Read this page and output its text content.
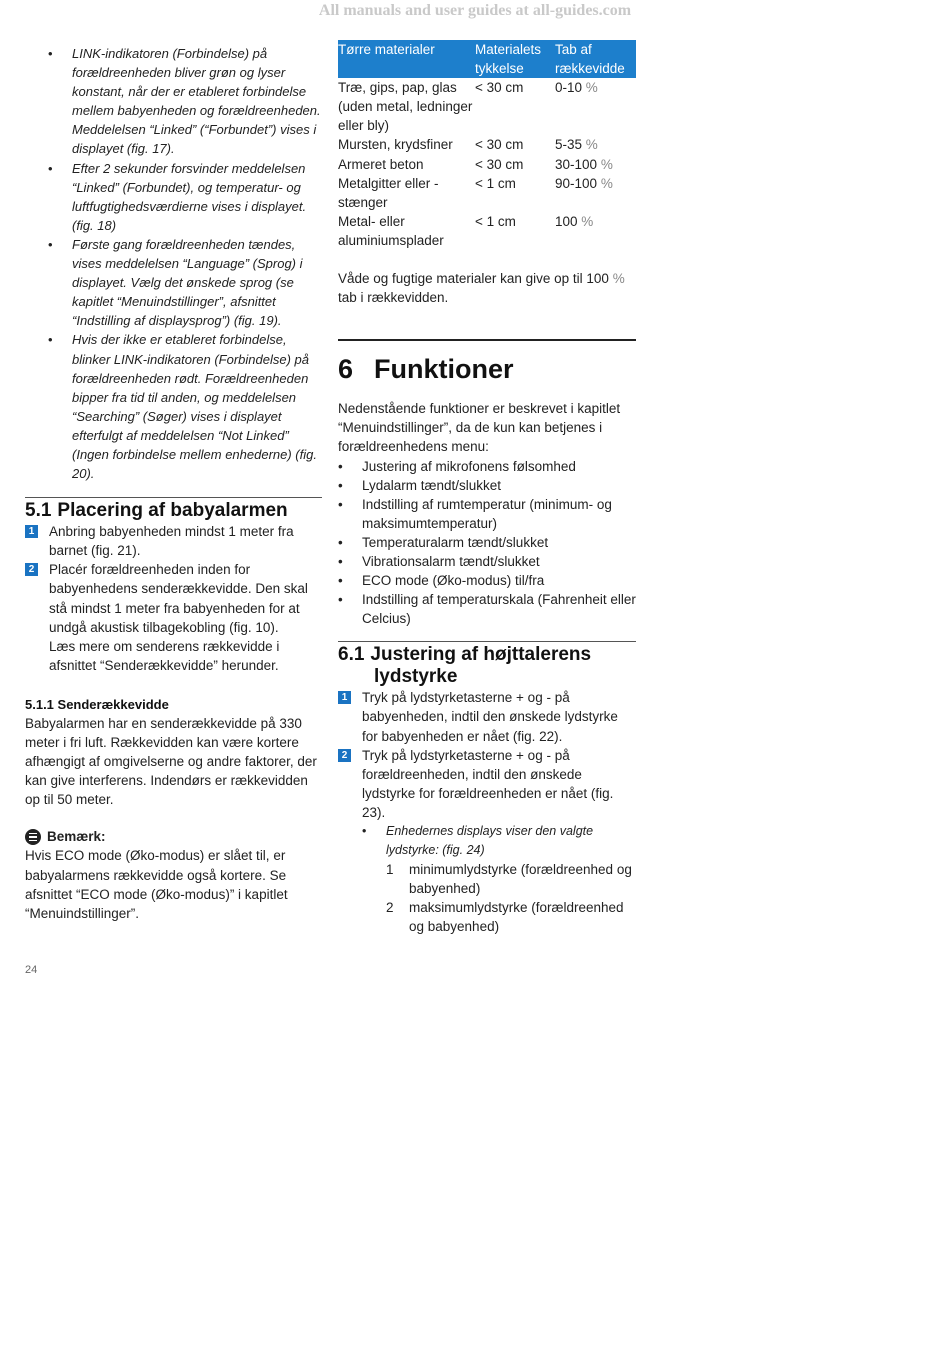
All manuals and user guides at all-guides.com
• LINK-indikatoren (Forbindelse) på forældreenheden bliver grøn og lyser konstant, når der er etableret forbindelse mellem babyenheden og forældreenheden. Meddelelsen “Linked” (“Forbundet”) vises i displayet (fig. 17).
• Efter 2 sekunder forsvinder meddelelsen “Linked” (Forbundet), og temperatur- og luftfugtighedsværdierne vises i displayet. (fig. 18)
• Første gang forældreenheden tændes, vises meddelelsen “Language” (Sprog) i displayet. Vælg det ønskede sprog (se kapitlet “Menuindstillinger”, afsnittet “Indstilling af displaysprog”) (fig. 19).
• Hvis der ikke er etableret forbindelse, blinker LINK-indikatoren (Forbindelse) på forældreenheden rødt. Forældreenheden bipper fra tid til anden, og meddelelsen “Searching” (Søger) vises i displayet efterfulgt af meddelelsen “Not Linked” (Ingen forbindelse mellem enhederne) (fig. 20).
5.1 Placering af babyalarmen
1 Anbring babyenheden mindst 1 meter fra barnet (fig. 21).
2 Placér forældreenheden inden for babyenhedens senderækkevidde. Den skal stå mindst 1 meter fra babyenheden for at undgå akustisk tilbagekobling (fig. 10).
Læs mere om senderens rækkevidde i afsnittet “Senderækkevidde” herunder.
5.1.1 Senderækkevidde

Babyalarmen har en senderækkevidde på 330 meter i fri luft. Rækkevidden kan være kortere afhængigt af omgivelserne og andre faktorer, der kan give interferens. Indendørs er rækkevidden op til 50 meter.

Bemærk:

Hvis ECO mode (Øko-modus) er slået til, er babyalarmens rækkevidde også kortere. Se afsnittet “ECO mode (Øko-modus)” i kapitlet “Menuindstillinger”.

24
Tørre materialer	Materialets tykkelse	Tab af rækkevidde
Træ, gips, pap, glas (uden metal, ledninger eller bly)	< 30 cm	0-10 %
Mursten, krydsfiner	< 30 cm	5-35 %
Armeret beton	< 30 cm	30-100 %
Metalgitter eller -stænger	< 1 cm	90-100 %
Metal- eller aluminiumsplader	< 1 cm	100 %

Våde og fugtige materialer kan give op til 100 % tab i rækkevidden.

6 Funktioner

Nedenstående funktioner er beskrevet i kapitlet “Menuindstillinger”, da de kun kan betjenes i forældreenhedens menu:

• Justering af mikrofonens følsomhed
• Lydalarm tændt/slukket
• Indstilling af rumtemperatur (minimum- og maksimumtemperatur)
• Temperaturalarm tændt/slukket
• Vibrationsalarm tændt/slukket
• ECO mode (Øko-modus) til/fra
• Indstilling af temperaturskala (Fahrenheit eller Celcius)
6.1 Justering af højttalerens
lydstyrke
1 Tryk på lydstyrketasterne + og - på babyenheden, indtil den ønskede lydstyrke for babyenheden er nået (fig. 22).
2 Tryk på lydstyrketasterne + og - på forældreenheden, indtil den ønskede lydstyrke for forældreenheden er nået (fig. 23).
• Enhedernes displays viser den valgte lydstyrke: (fig. 24)
1 minimumlydstyrke (forældreenhed og babyenhed)
2 maksimumlydstyrke (forældreenhed og babyenhed)
